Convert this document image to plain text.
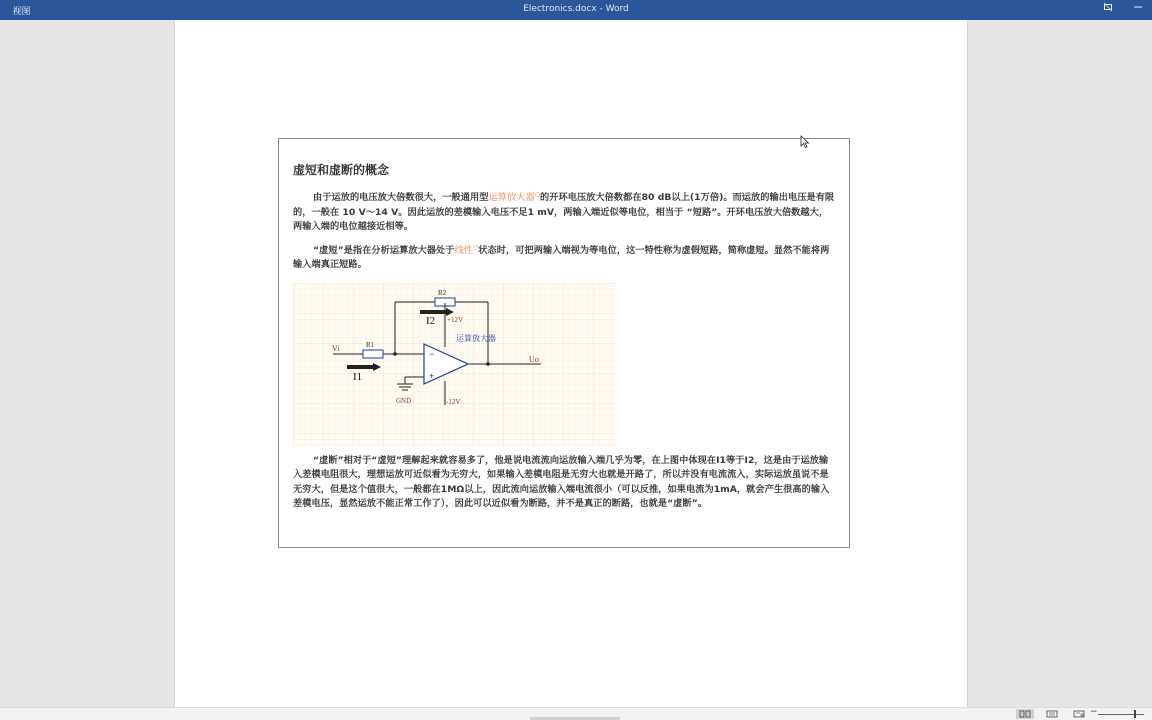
视图	Electronics.docx - Word
虚短和虚断的概念

由于运放的电压放大倍数很大，一般通用型运算放大器○的开环电压放大倍数都在80 dB以上(1万倍)。而运放的输出电压是有限的，一般在 10 V～14 V。因此运放的差模输入电压不足1 mV，两输入端近似等电位，相当于 “短路”。开环电压放大倍数越大，两输入端的电位越接近相等。

“虚短”是指在分析运算放大器处于线性○状态时，可把两输入端视为等电位，这一特性称为虚假短路，简称虚短。显然不能将两输入端真正短路。

−
+
R2
R1
I2
I1
+12V
-12V
运算放大器
Vi
Uo
GND

“虚断”相对于“虚短”理解起来就容易多了，他是说电流流向运放输入端几乎为零，在上图中体现在I1等于I2，这是由于运放输入差模电阻很大，理想运放可近似看为无穷大，如果输入差模电阻是无穷大也就是开路了，所以并没有电流流入，实际运放虽说不是无穷大，但是这个值很大，一般都在1MΩ以上，因此流向运放输入端电流很小（可以反推，如果电流为1mA，就会产生很高的输入差模电压，显然运放不能正常工作了），因此可以近似看为断路，并不是真正的断路，也就是“虚断”。

−
